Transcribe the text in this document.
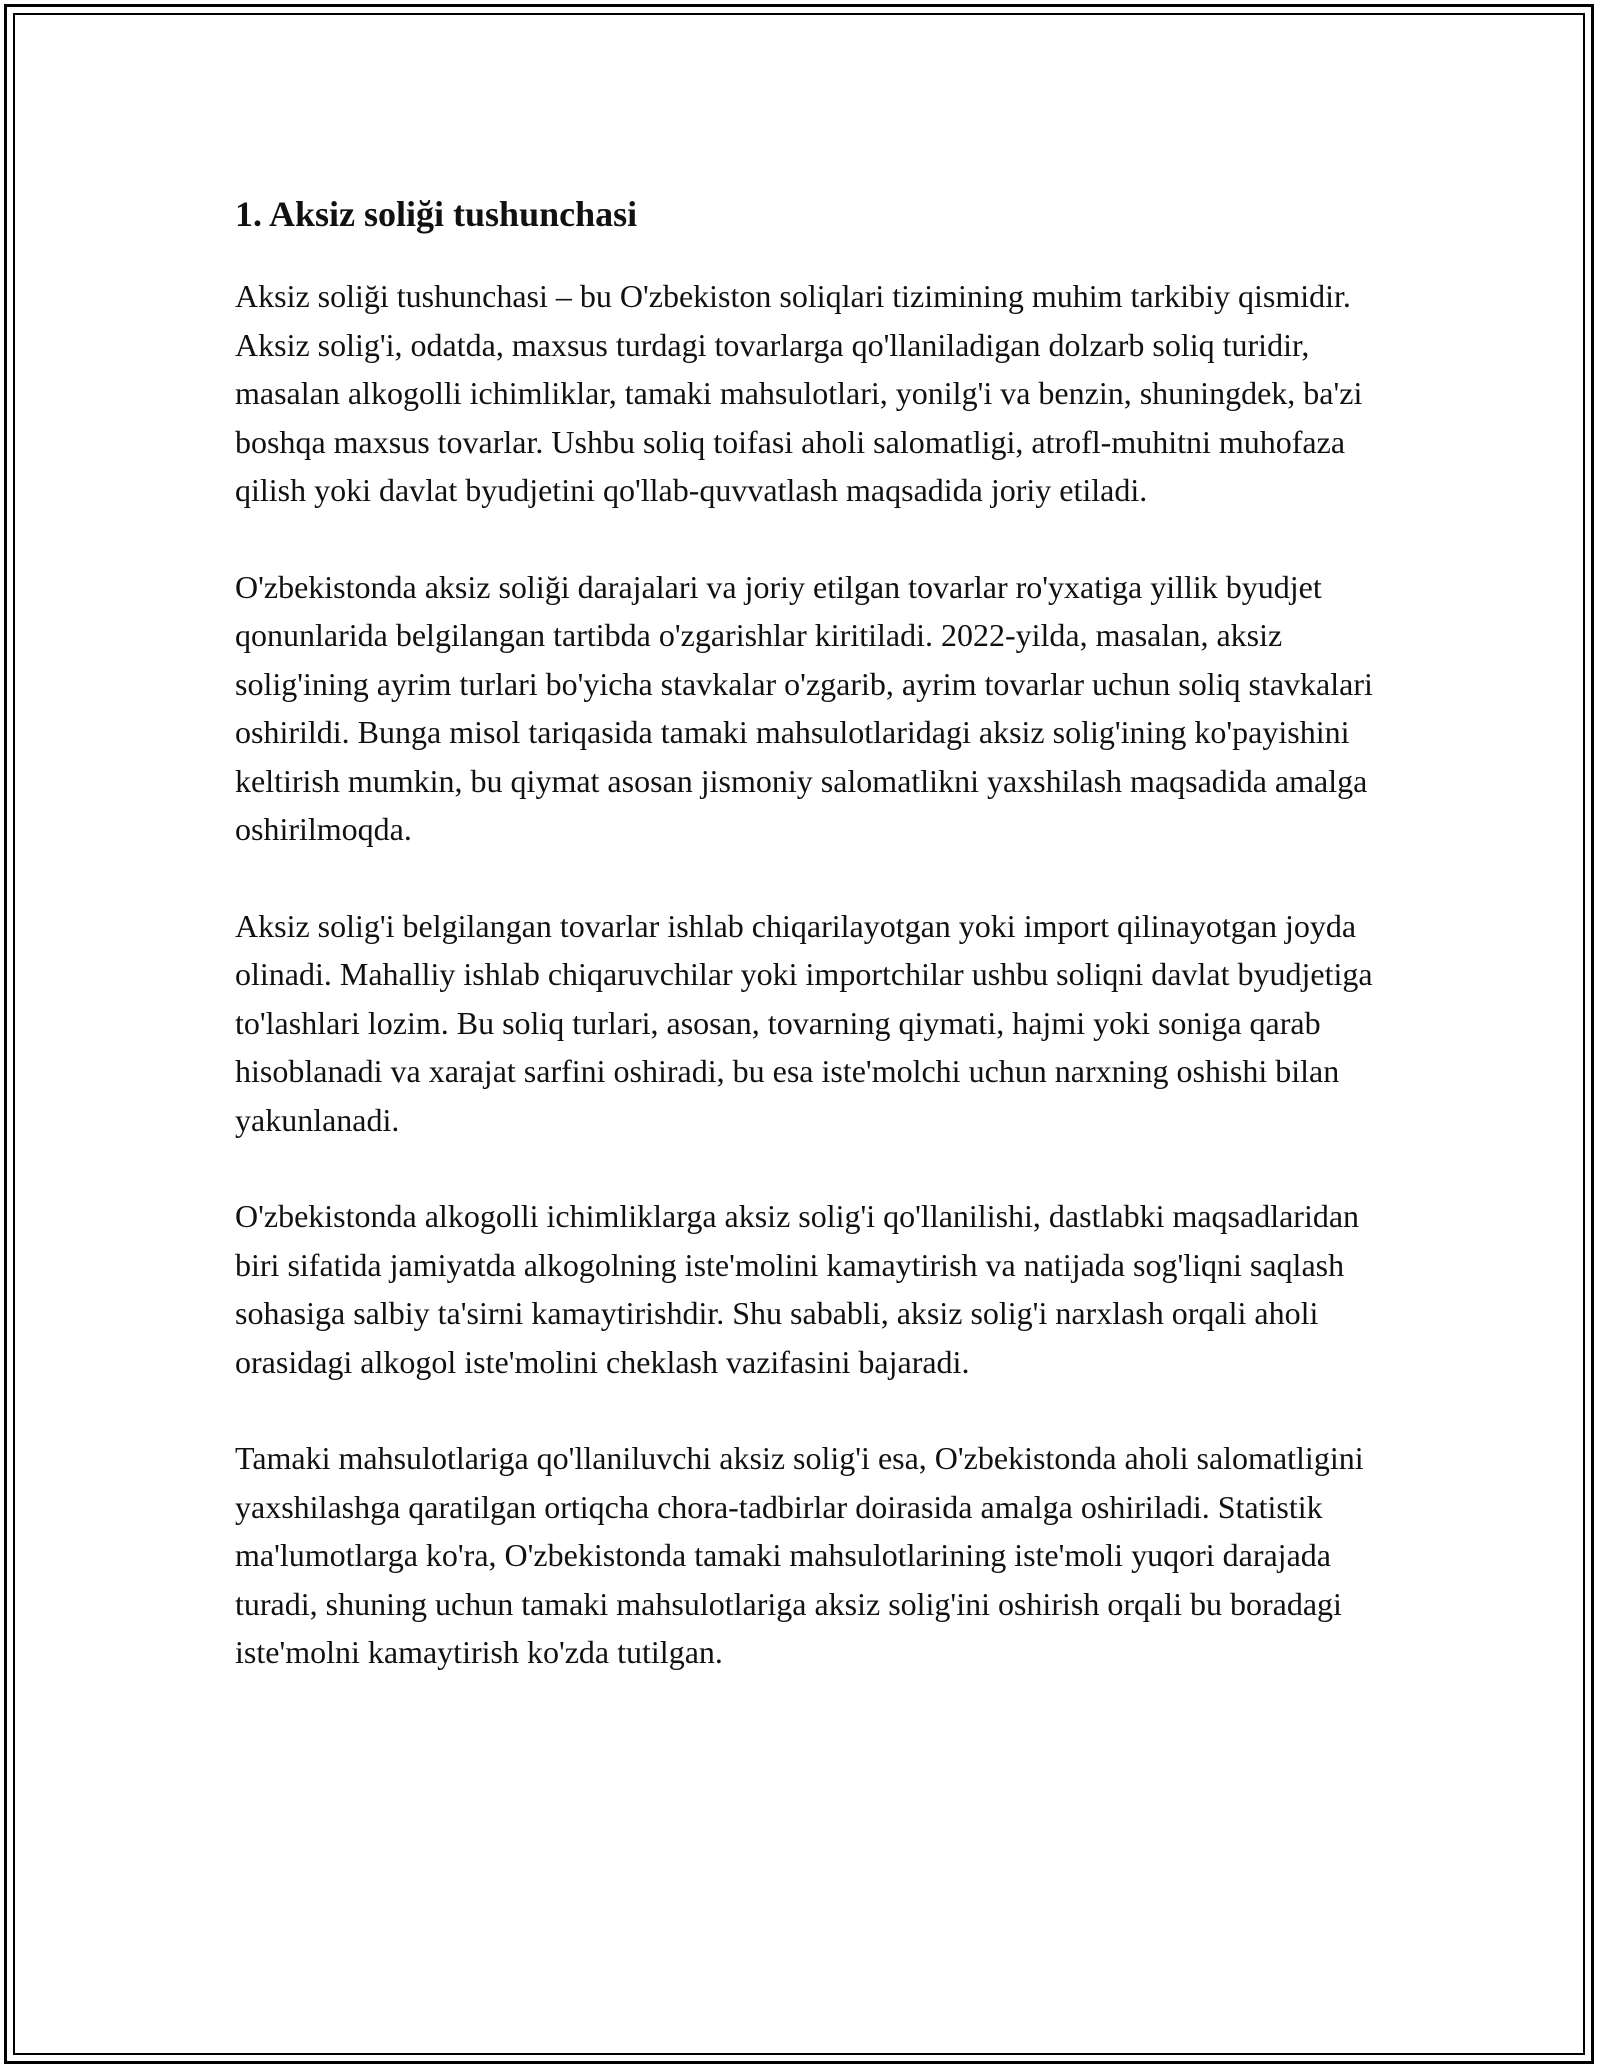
1. Aksiz soliği tushunchasi

Aksiz soliği tushunchasi – bu O'zbekiston soliqlari tizimining muhim tarkibiy qismidir. Aksiz solig'i, odatda, maxsus turdagi tovarlarga qo'llaniladigan dolzarb soliq turidir, masalan alkogolli ichimliklar, tamaki mahsulotlari, yonilg'i va benzin, shuningdek, ba'zi boshqa maxsus tovarlar. Ushbu soliq toifasi aholi salomatligi, atrofl-muhitni muhofaza qilish yoki davlat byudjetini qo'llab-quvvatlash maqsadida joriy etiladi.

O'zbekistonda aksiz soliği darajalari va joriy etilgan tovarlar ro'yxatiga yillik byudjet qonunlarida belgilangan tartibda o'zgarishlar kiritiladi. 2022-yilda, masalan, aksiz solig'ining ayrim turlari bo'yicha stavkalar o'zgarib, ayrim tovarlar uchun soliq stavkalari oshirildi. Bunga misol tariqasida tamaki mahsulotlaridagi aksiz solig'ining ko'payishini keltirish mumkin, bu qiymat asosan jismoniy salomatlikni yaxshilash maqsadida amalga oshirilmoqda.

Aksiz solig'i belgilangan tovarlar ishlab chiqarilayotgan yoki import qilinayotgan joyda olinadi. Mahalliy ishlab chiqaruvchilar yoki importchilar ushbu soliqni davlat byudjetiga to'lashlari lozim. Bu soliq turlari, asosan, tovarning qiymati, hajmi yoki soniga qarab hisoblanadi va xarajat sarfini oshiradi, bu esa iste'molchi uchun narxning oshishi bilan yakunlanadi.

O'zbekistonda alkogolli ichimliklarga aksiz solig'i qo'llanilishi, dastlabki maqsadlaridan biri sifatida jamiyatda alkogolning iste'molini kamaytirish va natijada sog'liqni saqlash sohasiga salbiy ta'sirni kamaytirishdir. Shu sababli, aksiz solig'i narxlash orqali aholi orasidagi alkogol iste'molini cheklash vazifasini bajaradi.

Tamaki mahsulotlariga qo'llaniluvchi aksiz solig'i esa, O'zbekistonda aholi salomatligini yaxshilashga qaratilgan ortiqcha chora-tadbirlar doirasida amalga oshiriladi. Statistik ma'lumotlarga ko'ra, O'zbekistonda tamaki mahsulotlarining iste'moli yuqori darajada turadi, shuning uchun tamaki mahsulotlariga aksiz solig'ini oshirish orqali bu boradagi iste'molni kamaytirish ko'zda tutilgan.
